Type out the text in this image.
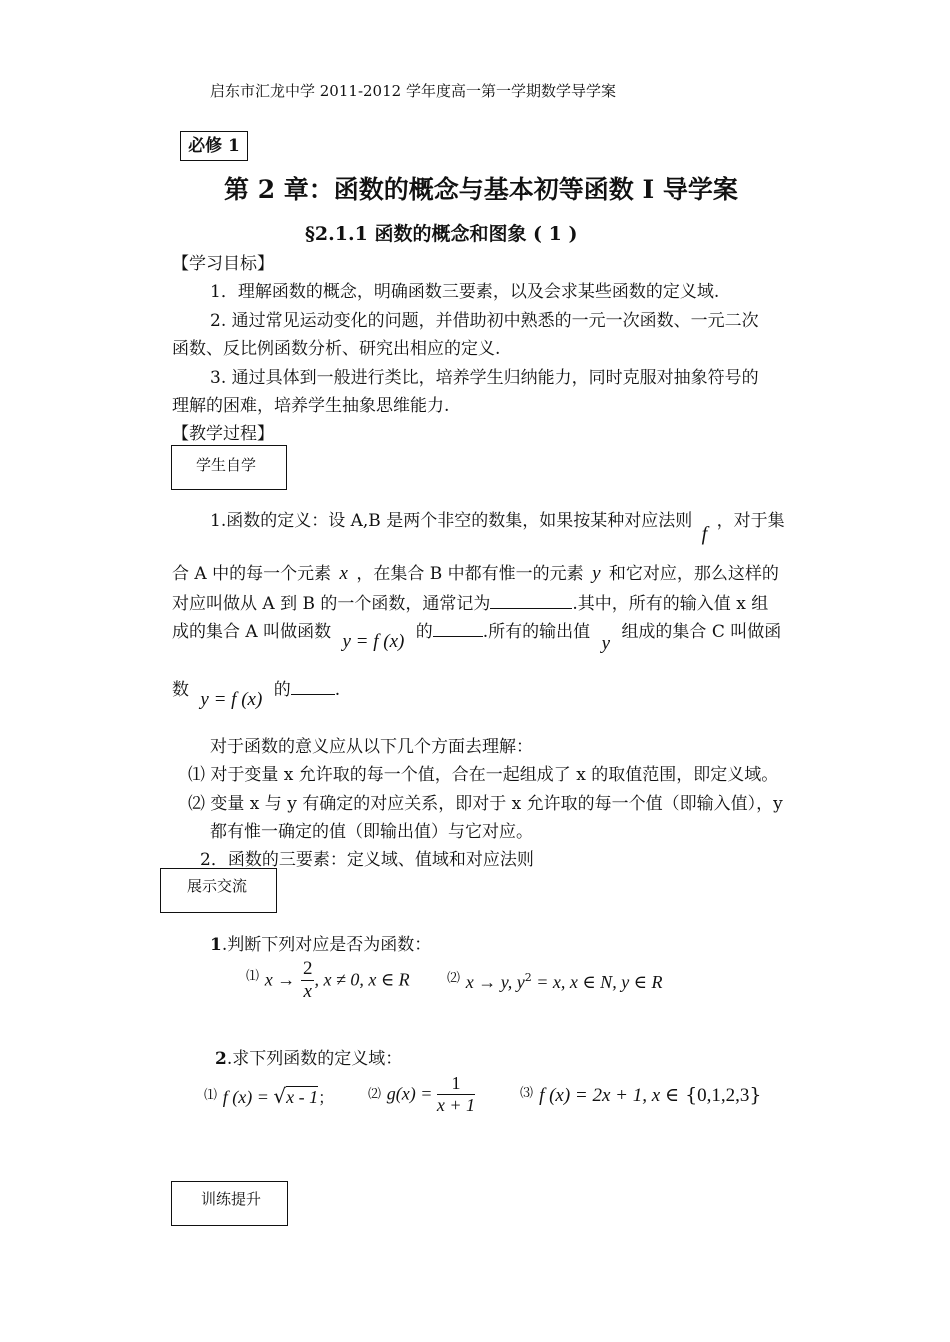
启东市汇龙中学 2011-2012 学年度高一第一学期数学导学案
必修 1
第 2 章：函数的概念与基本初等函数 Ⅰ 导学案
§2.1.1 函数的概念和图象 ( 1 )
【学习目标】
1．理解函数的概念，明确函数三要素，以及会求某些函数的定义域.
2. 通过常见运动变化的问题，并借助初中熟悉的一元一次函数、一元二次
函数、反比例函数分析、研究出相应的定义.
3. 通过具体到一般进行类比，培养学生归纳能力，同时克服对抽象符号的
理解的困难，培养学生抽象思维能力.
【教学过程】
学生自学
1.函数的定义：设 A,B 是两个非空的数集，如果按某种对应法则 f ，对于集
合 A 中的每一个元素 x ，在集合 B 中都有惟一的元素 y 和它对应，那么这样的
对应叫做从 A 到 B 的一个函数，通常记为	.其中，所有的输入值 x 组
成的集合 A 叫做函数 y = f (x) 的	.所有的输出值 y 组成的集合 C 叫做函
数 y = f (x) 的	.
对于函数的意义应从以下几个方面去理解：
⑴ 对于变量 x 允许取的每一个值，合在一起组成了 x 的取值范围，即定义域。
⑵ 变量 x 与 y 有确定的对应关系，即对于 x 允许取的每一个值（即输入值），y
都有惟一确定的值（即输出值）与它对应。
2．函数的三要素：定义域、值域和对应法则
展示交流
1.判断下列对应是否为函数：
⑴ $x \to \frac{2}{x}$ , x ≠ 0, x ∈ R	⑵ x → y, $y^2 = x$, x ∈ N, y ∈ R
2.求下列函数的定义域：
⑴ f (x) = √x - 1；	⑵ $g(x) = \frac{1}{x + 1}$	⑶ f (x) = 2x + 1, x ∈ {0,1,2,3}
训练提升
